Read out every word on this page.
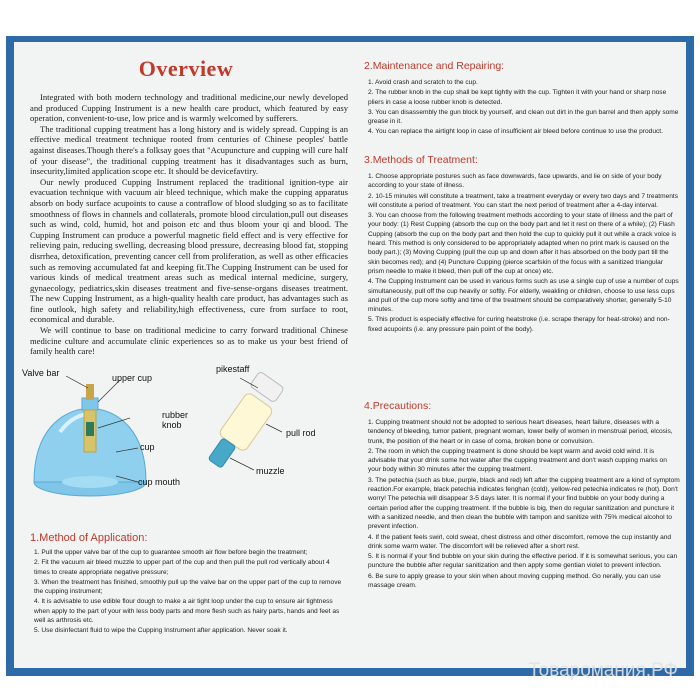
Overview

Integrated with both modern technology and traditional medicine,our newly developed and produced Cupping Instrument is a new health care product, which featured by easy operation, convenient-to-use, low price and is warmly welcomed by sufferers.

The traditional cupping treatment has a long history and is widely spread. Cupping is an effective medical treatment technique rooted from centuries of Chinese peoples' battle against diseases.Though there's a folksay goes that "Acupuncture and cupping will cure half of your disease", the traditional cupping treatment has it disadvantages such as burn, insecurity,limited application scope etc. It should be devicefavtiry.

Our newly produced Cupping Instrument replaced the traditional ignition-type air evacuation technique with vacuum air bleed technique, which make the cupping apparatus absorb on body surface acupoints to cause a contraflow of blood sludging so as to facilitate smoothness of flows in channels and collaterals, promote blood circulation,pull out diseases such as wind, cold, humid, hot and poison etc and thus bloom your qi and blood. The Cupping Instrument can produce a powerful magnetic field effect and is very effective for relieving pain, reducing swelling, decreasing blood pressure, decreasing blood fat, stopping disrrhea, detoxification, preventing cancer cell from proliferation, as well as other efficacies such as removing accumulated fat and keeping fit.The Cupping Instrument can be used for various kinds of medical treatment areas such as medical internal medicine, surgery, gynaecology, pediatrics,skin diseases treatment and five-sense-organs diseases treatment. The new Cupping Instrument, as a high-quality health care product, has advantages such as fine outlook, high safety and reliability,high effectiveness, cure from surface to root, economical and durable.

We will continue to base on traditional medicine to carry forward traditional Chinese medicine culture and accumulate clinic experiences so as to make us your best friend of family health care!

Valve bar	upper cup
rubber knob
cup
cup mouth
pikestaff
pull rod
muzzle
1.Method of Application:
1. Pull the upper valve bar of the cup to guarantee smooth air flow before begin the treatment;
2. Fit the vacuum air bleed muzzle to upper part of the cup and then pull the pull rod vertically about 4 times to create appropriate negative pressure;
3. When the treatment has finished, smoothly pull up the valve bar on the upper part of the cup to remove the cupping instrument;
4. It is advisable to use edible flour dough to make a air tight loop under the cup to ensure air tightness when apply to the part of your with less body parts and more flesh such as hairy parts, hands and feet as well as arthrosis etc.
5. Use disinfectant fluid to wipe the Cupping Instrument after application. Never soak it.
2.Maintenance and Repairing:
1. Avoid crash and scratch to the cup.
2. The rubber knob in the cup shall be kept tightly with the cup. Tighten it with your hand or sharp nose pliers in case a loose rubber knob is detected.
3. You can disassembly the gun block by yourself, and clean out dirt in the gun barrel and then apply some grease in it.
4. You can replace the airtight loop in case of insufficient air bleed before continue to use the product.
3.Methods of Treatment:
1. Choose appropriate postures such as face downwards, face upwards, and lie on side of your body according to your state of illness.
2. 10-15 minutes will constitute a treatment, take a treatment everyday or every two days and 7 treatments will constitute a period of treatment. You can start the next period of treatment after a 4-day interval.
3. You can choose from the following treatment methods according to your state of illness and the part of your body: (1) Rest Cupping (absorb the cup on the body part and let it rest on there of a while); (2) Flash Cupping (absorb the cup on the body part and then hold the cup to quickly pull it out while a crack voice is heard. This method is only considered to be appropriately adapted when no print mark is caused on the body part.); (3) Moving Cupping (pull the cup up and down after it has absorbed on the body part till the skin becomes red); and (4) Puncture Cupping (pierce scarfskin of the focus with a sanitized triangular prism needle to make it bleed, then pull off the cup at once) etc.
4. The Cupping Instrument can be used in various forms such as use a single cup of use a number of cups simultaneously, pull off the cup heavily or softly. For elderly, weakling or children, choose to use less cups and pull of the cup more softly and time of the treatment should be comparatively shorter, generally 5-10 minutes.
5. This product is especially effective for curing heatstroke (i.e. scrape therapy for heat-stroke) and non-fixed acupoints (i.e. any pressure pain point of the body).
4.Precautions:
1. Cupping treatment should not be adopted to serious heart diseases, heart failure, diseases with a tendency of bleeding, tumor patient, pregnant woman, lower belly of women in menstrual period, elcosis, trunk, the position of the heart or in case of coma, broken bone or convulsion.
2. The room in which the cupping treatment is done should be kept warm and avoid cold wind. It is advisable that your drink some hot water after the cupping treatment and don't wash cupping marks on your body within 30 minutes after the cupping treatment.
3. The petechia (such as blue, purple, black and red) left after the cupping treatment are a kind of symptom reaction.For example, black petechia indicates fenghan (cold), yellow-red petechia indicates re (hot). Don't worry! The petechia will disappear 3-5 days later. It is normal if your find bubble on your body during a certain period after the cupping treatment. If the bubble is big, then do regular sanitization and puncture it with a sanitized needle, and then clean the bubble with tampon and sanitize with 75% medical alcohol to prevent infection.
4. If the patient feels swirl, cold sweat, chest distress and other discomfort, remove the cup instantly and drink some warm water. The discomfort will be relieved after a short rest.
5. It is normal if your find bubble on your skin during the effective period. If it is somewhat serious, you can puncture the bubble after regular sanitization and then apply some gentian violet to prevent infection.
6. Be sure to apply grease to your skin when about moving cupping method. Go nerally, you can use massage cream.
Товарoмания.РФ
